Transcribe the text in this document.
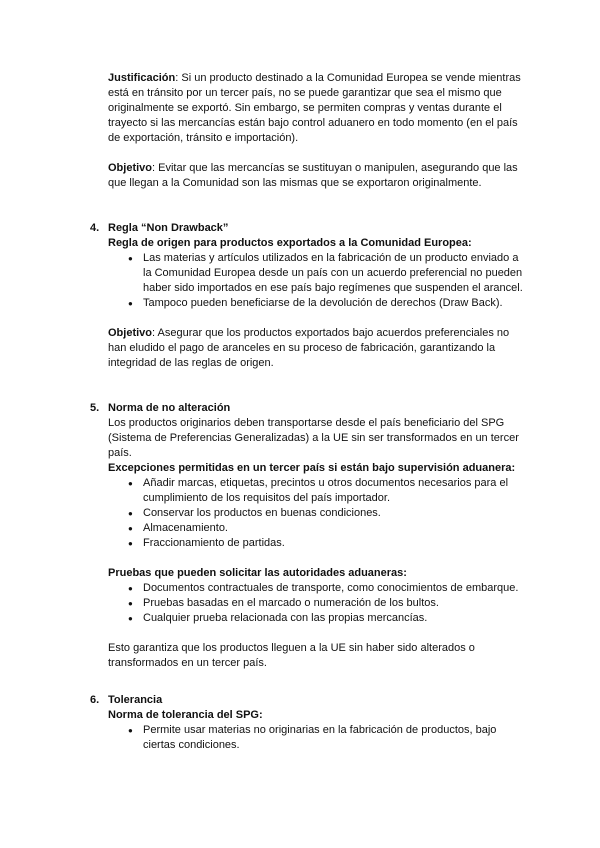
Justificación: Si un producto destinado a la Comunidad Europea se vende mientras está en tránsito por un tercer país, no se puede garantizar que sea el mismo que originalmente se exportó. Sin embargo, se permiten compras y ventas durante el trayecto si las mercancías están bajo control aduanero en todo momento (en el país de exportación, tránsito e importación).

Objetivo: Evitar que las mercancías se sustituyan o manipulen, asegurando que las que llegan a la Comunidad son las mismas que se exportaron originalmente.

4. Regla “Non Drawback”

Regla de origen para productos exportados a la Comunidad Europea:

● Las materias y artículos utilizados en la fabricación de un producto enviado a la Comunidad Europea desde un país con un acuerdo preferencial no pueden haber sido importados en ese país bajo regímenes que suspenden el arancel.
● Tampoco pueden beneficiarse de la devolución de derechos (Draw Back).

Objetivo: Asegurar que los productos exportados bajo acuerdos preferenciales no han eludido el pago de aranceles en su proceso de fabricación, garantizando la integridad de las reglas de origen.

5. Norma de no alteración

Los productos originarios deben transportarse desde el país beneficiario del SPG (Sistema de Preferencias Generalizadas) a la UE sin ser transformados en un tercer país.

Excepciones permitidas en un tercer país si están bajo supervisión aduanera:

● Añadir marcas, etiquetas, precintos u otros documentos necesarios para el cumplimiento de los requisitos del país importador.
● Conservar los productos en buenas condiciones.
● Almacenamiento.
● Fraccionamiento de partidas.

Pruebas que pueden solicitar las autoridades aduaneras:

● Documentos contractuales de transporte, como conocimientos de embarque.
● Pruebas basadas en el marcado o numeración de los bultos.
● Cualquier prueba relacionada con las propias mercancías.

Esto garantiza que los productos lleguen a la UE sin haber sido alterados o transformados en un tercer país.

6. Tolerancia

Norma de tolerancia del SPG:

● Permite usar materias no originarias en la fabricación de productos, bajo ciertas condiciones.
